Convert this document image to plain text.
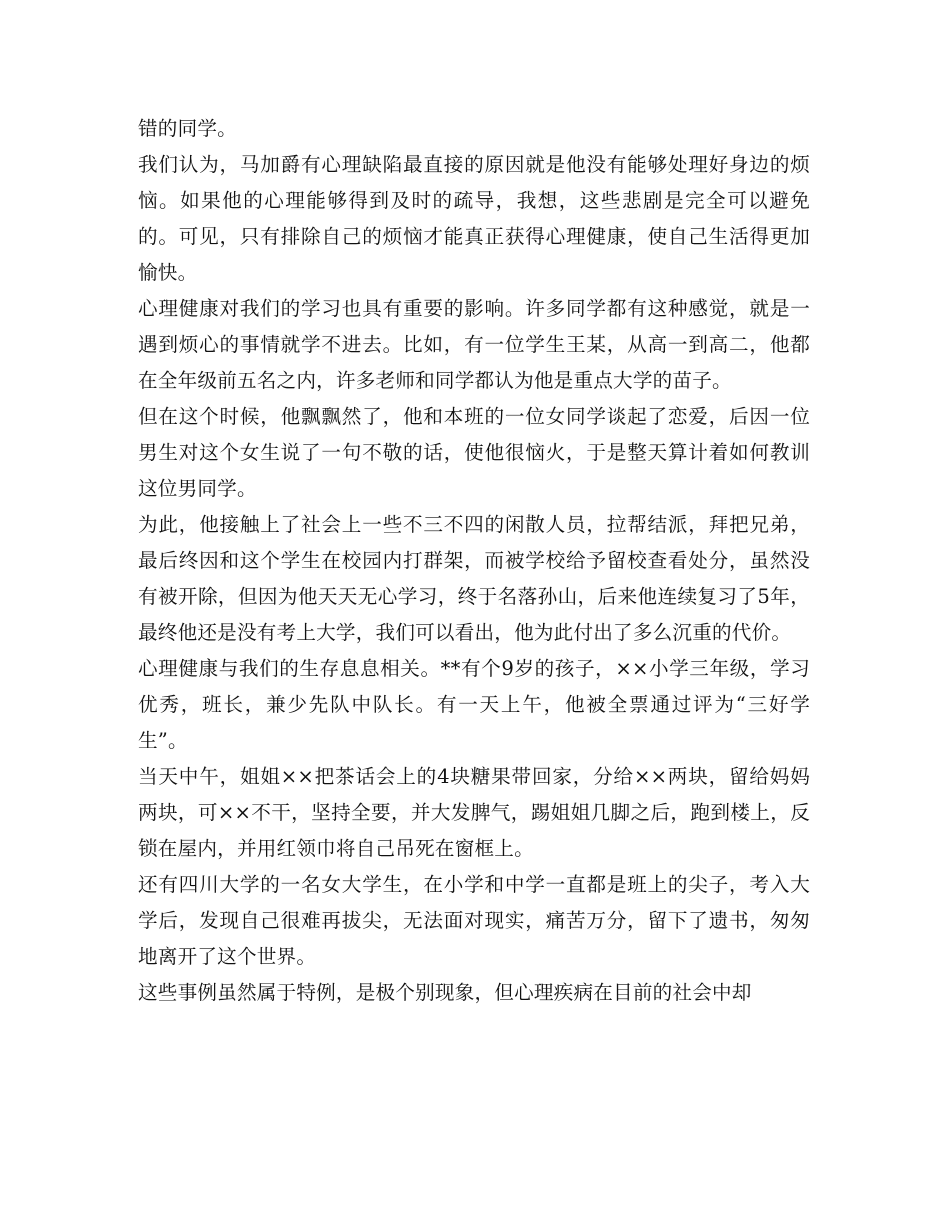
错的同学。

我们认为，马加爵有心理缺陷最直接的原因就是他没有能够处理好身边的烦恼。如果他的心理能够得到及时的疏导，我想，这些悲剧是完全可以避免的。可见，只有排除自己的烦恼才能真正获得心理健康，使自己生活得更加愉快。

心理健康对我们的学习也具有重要的影响。许多同学都有这种感觉，就是一遇到烦心的事情就学不进去。比如，有一位学生王某，从高一到高二，他都在全年级前五名之内，许多老师和同学都认为他是重点大学的苗子。

但在这个时候，他飘飘然了，他和本班的一位女同学谈起了恋爱，后因一位男生对这个女生说了一句不敬的话，使他很恼火，于是整天算计着如何教训这位男同学。

为此，他接触上了社会上一些不三不四的闲散人员，拉帮结派，拜把兄弟，最后终因和这个学生在校园内打群架，而被学校给予留校查看处分，虽然没有被开除，但因为他天天无心学习，终于名落孙山，后来他连续复习了5年，最终他还是没有考上大学，我们可以看出，他为此付出了多么沉重的代价。

心理健康与我们的生存息息相关。**有个9岁的孩子，××小学三年级，学习优秀，班长，兼少先队中队长。有一天上午，他被全票通过评为“三好学生”。

当天中午，姐姐××把茶话会上的4块糖果带回家，分给××两块，留给妈妈两块，可××不干，坚持全要，并大发脾气，踢姐姐几脚之后，跑到楼上，反锁在屋内，并用红领巾将自己吊死在窗框上。

还有四川大学的一名女大学生，在小学和中学一直都是班上的尖子，考入大学后，发现自己很难再拔尖，无法面对现实，痛苦万分，留下了遗书，匆匆地离开了这个世界。

这些事例虽然属于特例，是极个别现象，但心理疾病在目前的社会中却
